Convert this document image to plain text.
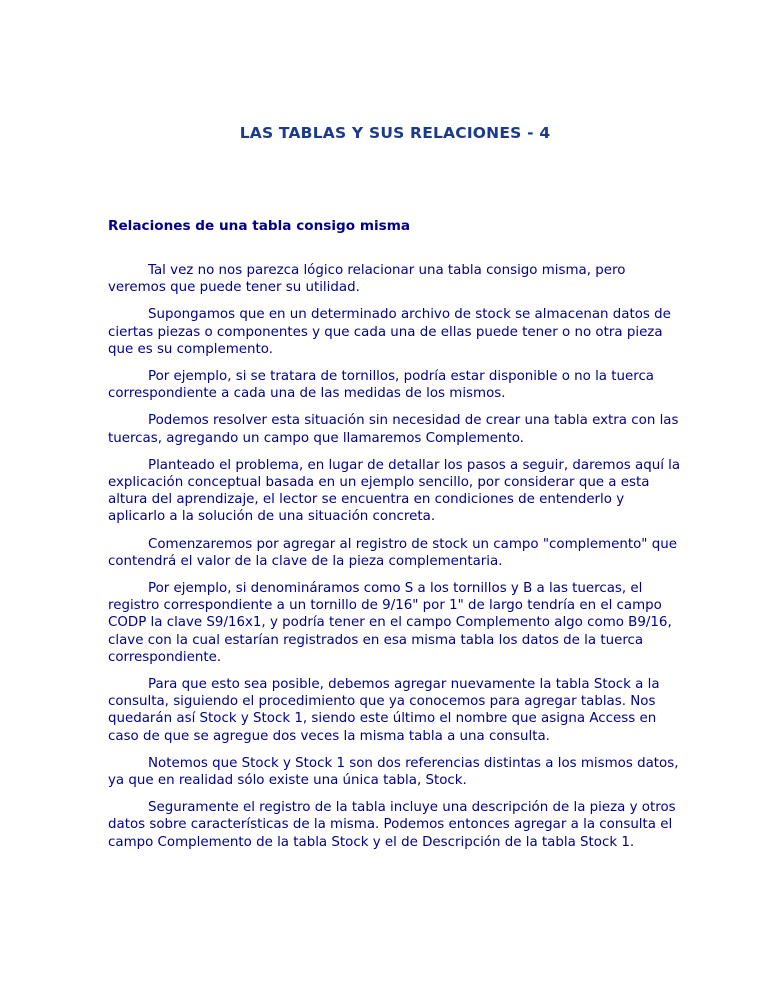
LAS TABLAS Y SUS RELACIONES - 4
Relaciones de una tabla consigo misma

Tal vez no nos parezca lógico relacionar una tabla consigo misma, pero veremos que puede tener su utilidad.

Supongamos que en un determinado archivo de stock se almacenan datos de ciertas piezas o componentes y que cada una de ellas puede tener o no otra pieza que es su complemento.

Por ejemplo, si se tratara de tornillos, podría estar disponible o no la tuerca correspondiente a cada una de las medidas de los mismos.

Podemos resolver esta situación sin necesidad de crear una tabla extra con las tuercas, agregando un campo que llamaremos Complemento.

Planteado el problema, en lugar de detallar los pasos a seguir, daremos aquí la explicación conceptual basada en un ejemplo sencillo, por considerar que a esta altura del aprendizaje, el lector se encuentra en condiciones de entenderlo y aplicarlo a la solución de una situación concreta.

Comenzaremos por agregar al registro de stock un campo "complemento" que contendrá el valor de la clave de la pieza complementaria.

Por ejemplo, si denomináramos como S a los tornillos y B a las tuercas, el registro correspondiente a un tornillo de 9/16" por 1" de largo tendría en el campo CODP la clave S9/16x1, y podría tener en el campo Complemento algo como B9/16, clave con la cual estarían registrados en esa misma tabla los datos de la tuerca correspondiente.

Para que esto sea posible, debemos agregar nuevamente la tabla Stock a la consulta, siguiendo el procedimiento que ya conocemos para agregar tablas. Nos quedarán así Stock y Stock 1, siendo este último el nombre que asigna Access en caso de que se agregue dos veces la misma tabla a una consulta.

Notemos que Stock y Stock 1 son dos referencias distintas a los mismos datos, ya que en realidad sólo existe una única tabla, Stock.

Seguramente el registro de la tabla incluye una descripción de la pieza y otros datos sobre características de la misma. Podemos entonces agregar a la consulta el campo Complemento de la tabla Stock y el de Descripción de la tabla Stock 1.
